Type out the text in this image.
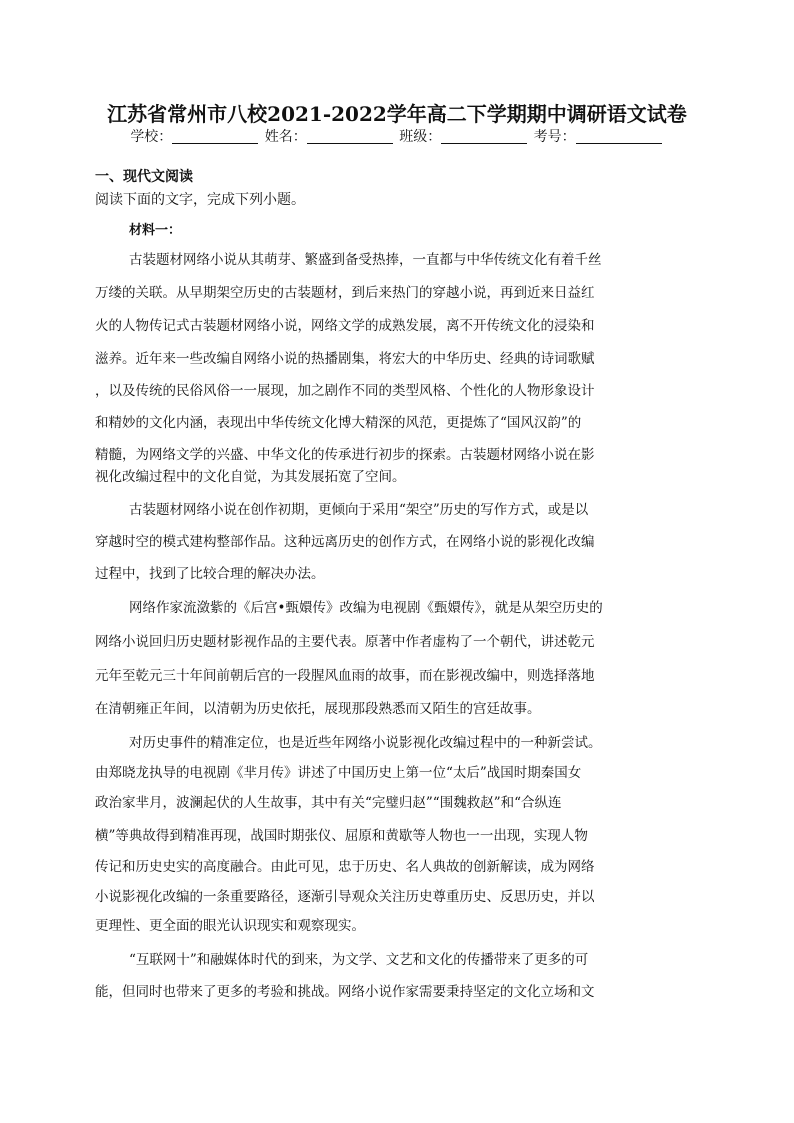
江苏省常州市八校2021-2022学年高二下学期期中调研语文试卷
学校：	姓名：	班级：	考号：
一、现代文阅读
阅读下面的文字，完成下列小题。
材料一：
古装题材网络小说从其萌芽、繁盛到备受热捧，一直都与中华传统文化有着千丝
万缕的关联。从早期架空历史的古装题材，到后来热门的穿越小说，再到近来日益红
火的人物传记式古装题材网络小说，网络文学的成熟发展，离不开传统文化的浸染和
滋养。近年来一些改编自网络小说的热播剧集，将宏大的中华历史、经典的诗词歌赋
，以及传统的民俗风俗一一展现，加之剧作不同的类型风格、个性化的人物形象设计
和精妙的文化内涵，表现出中华传统文化博大精深的风范，更提炼了“国风汉韵”的
精髓，为网络文学的兴盛、中华文化的传承进行初步的探索。古装题材网络小说在影
视化改编过程中的文化自觉，为其发展拓宽了空间。
古装题材网络小说在创作初期，更倾向于采用“架空”历史的写作方式，或是以
穿越时空的模式建构整部作品。这种远离历史的创作方式，在网络小说的影视化改编
过程中，找到了比较合理的解决办法。
网络作家流潋紫的《后宫•甄嬛传》改编为电视剧《甄嬛传》，就是从架空历史的
网络小说回归历史题材影视作品的主要代表。原著中作者虚构了一个朝代，讲述乾元
元年至乾元三十年间前朝后宫的一段腥风血雨的故事，而在影视改编中，则选择落地
在清朝雍正年间，以清朝为历史依托，展现那段熟悉而又陌生的宫廷故事。
对历史事件的精准定位，也是近些年网络小说影视化改编过程中的一种新尝试。
由郑晓龙执导的电视剧《芈月传》讲述了中国历史上第一位“太后”战国时期秦国女
政治家芈月，波澜起伏的人生故事，其中有关“完璧归赵”“围魏救赵”和“合纵连
横”等典故得到精准再现，战国时期张仪、屈原和黄歇等人物也一一出现，实现人物
传记和历史史实的高度融合。由此可见，忠于历史、名人典故的创新解读，成为网络
小说影视化改编的一条重要路径，逐渐引导观众关注历史尊重历史、反思历史，并以
更理性、更全面的眼光认识现实和观察现实。
“互联网十”和融媒体时代的到来，为文学、文艺和文化的传播带来了更多的可
能，但同时也带来了更多的考验和挑战。网络小说作家需要秉持坚定的文化立场和文
